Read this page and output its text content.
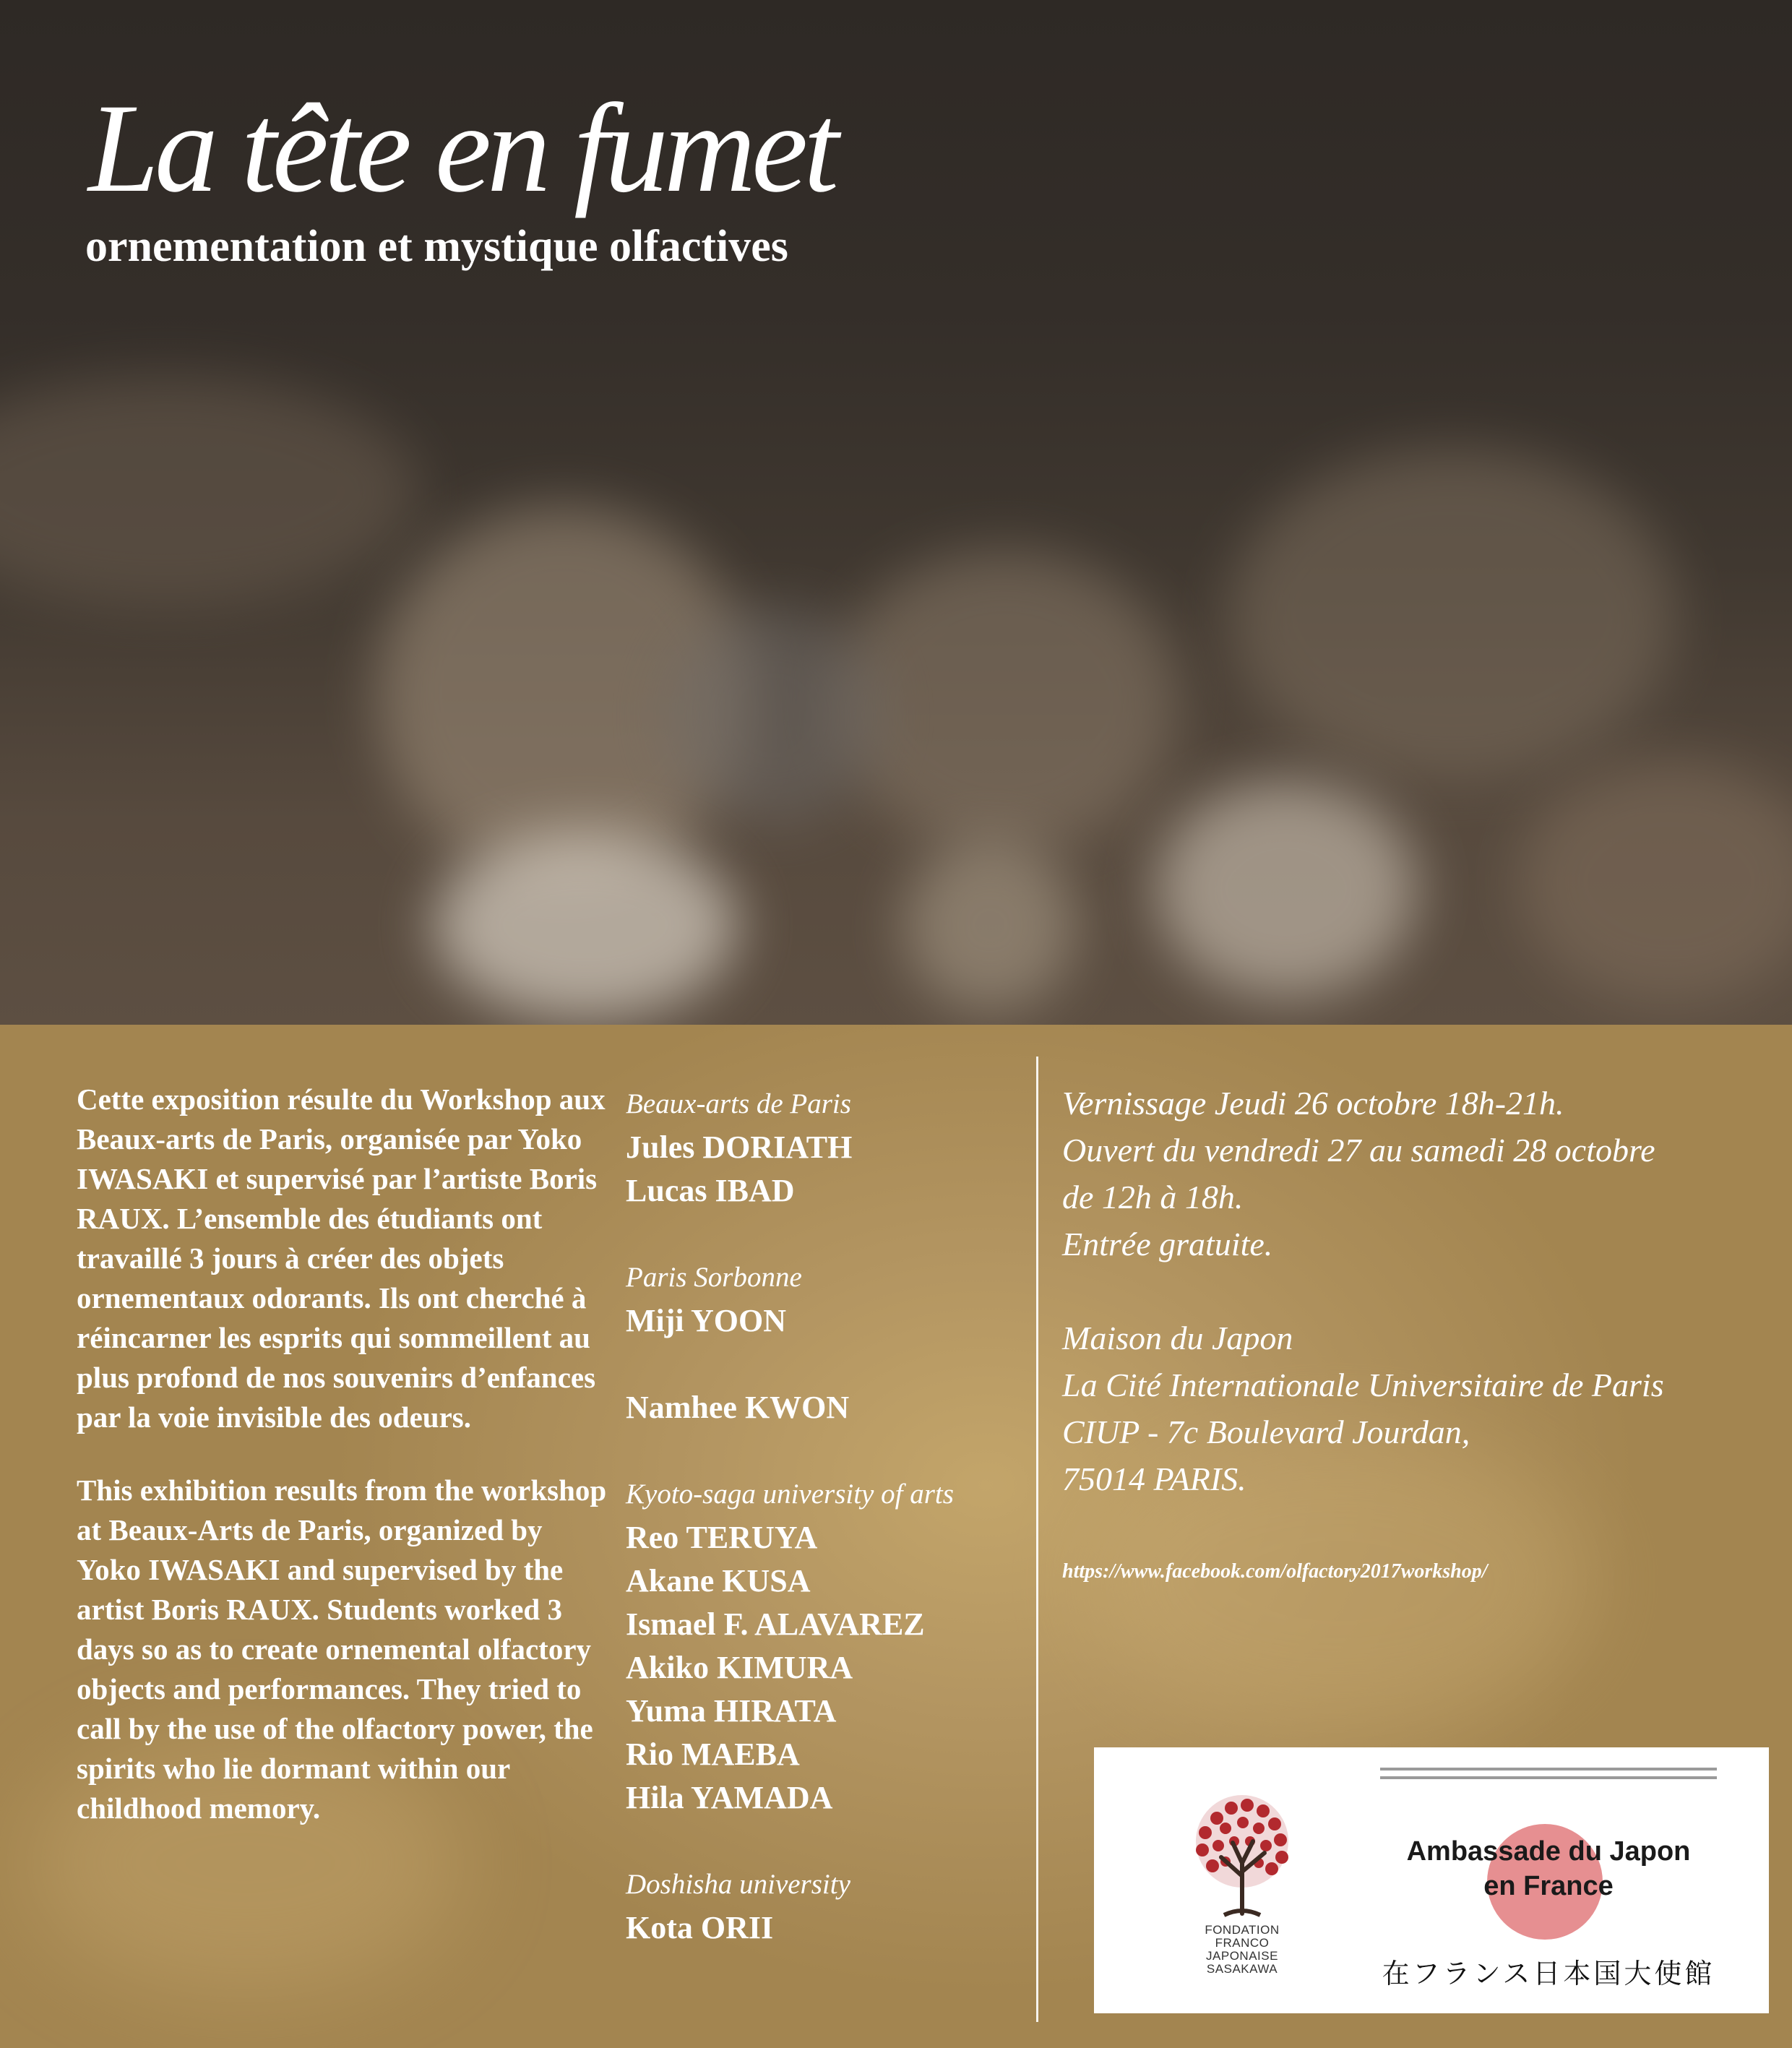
La tête en fumet
ornementation et mystique olfactives

Cette exposition résulte du Workshop aux Beaux-arts de Paris, organisée par Yoko IWASAKI et supervisé par l’artiste Boris RAUX. L’ensemble des étudiants ont travaillé 3 jours à créer des objets ornementaux odorants. Ils ont cherché à réincarner les esprits qui sommeillent au plus profond de nos souvenirs d’enfances par la voie invisible des odeurs.

This exhibition results from the workshop at Beaux-Arts de Paris, organized by Yoko IWASAKI and supervised by the artist Boris RAUX. Students worked 3 days so as to create ornemental olfactory objects and performances. They tried to call by the use of the olfactory power, the spirits who lie dormant within our childhood memory.

Beaux-arts de Paris
Jules DORIATH
Lucas IBAD
Paris Sorbonne
Miji YOON

Namhee KWON
Kyoto-saga university of arts
Reo TERUYA
Akane KUSA
Ismael F. ALAVAREZ
Akiko KIMURA
Yuma HIRATA
Rio MAEBA
Hila YAMADA
Doshisha university
Kota ORII
Vernissage Jeudi 26 octobre 18h-21h.
Ouvert du vendredi 27 au samedi 28 octobre
de 12h à 18h.
Entrée gratuite.
Maison du Japon
La Cité Internationale Universitaire de Paris
CIUP - 7c Boulevard Jourdan,
75014 PARIS.
https://www.facebook.com/olfactory2017workshop/
FONDATION
FRANCO
JAPONAISE
SASAKAWA
Ambassade du Japon
en France
在フランス日本国大使館
